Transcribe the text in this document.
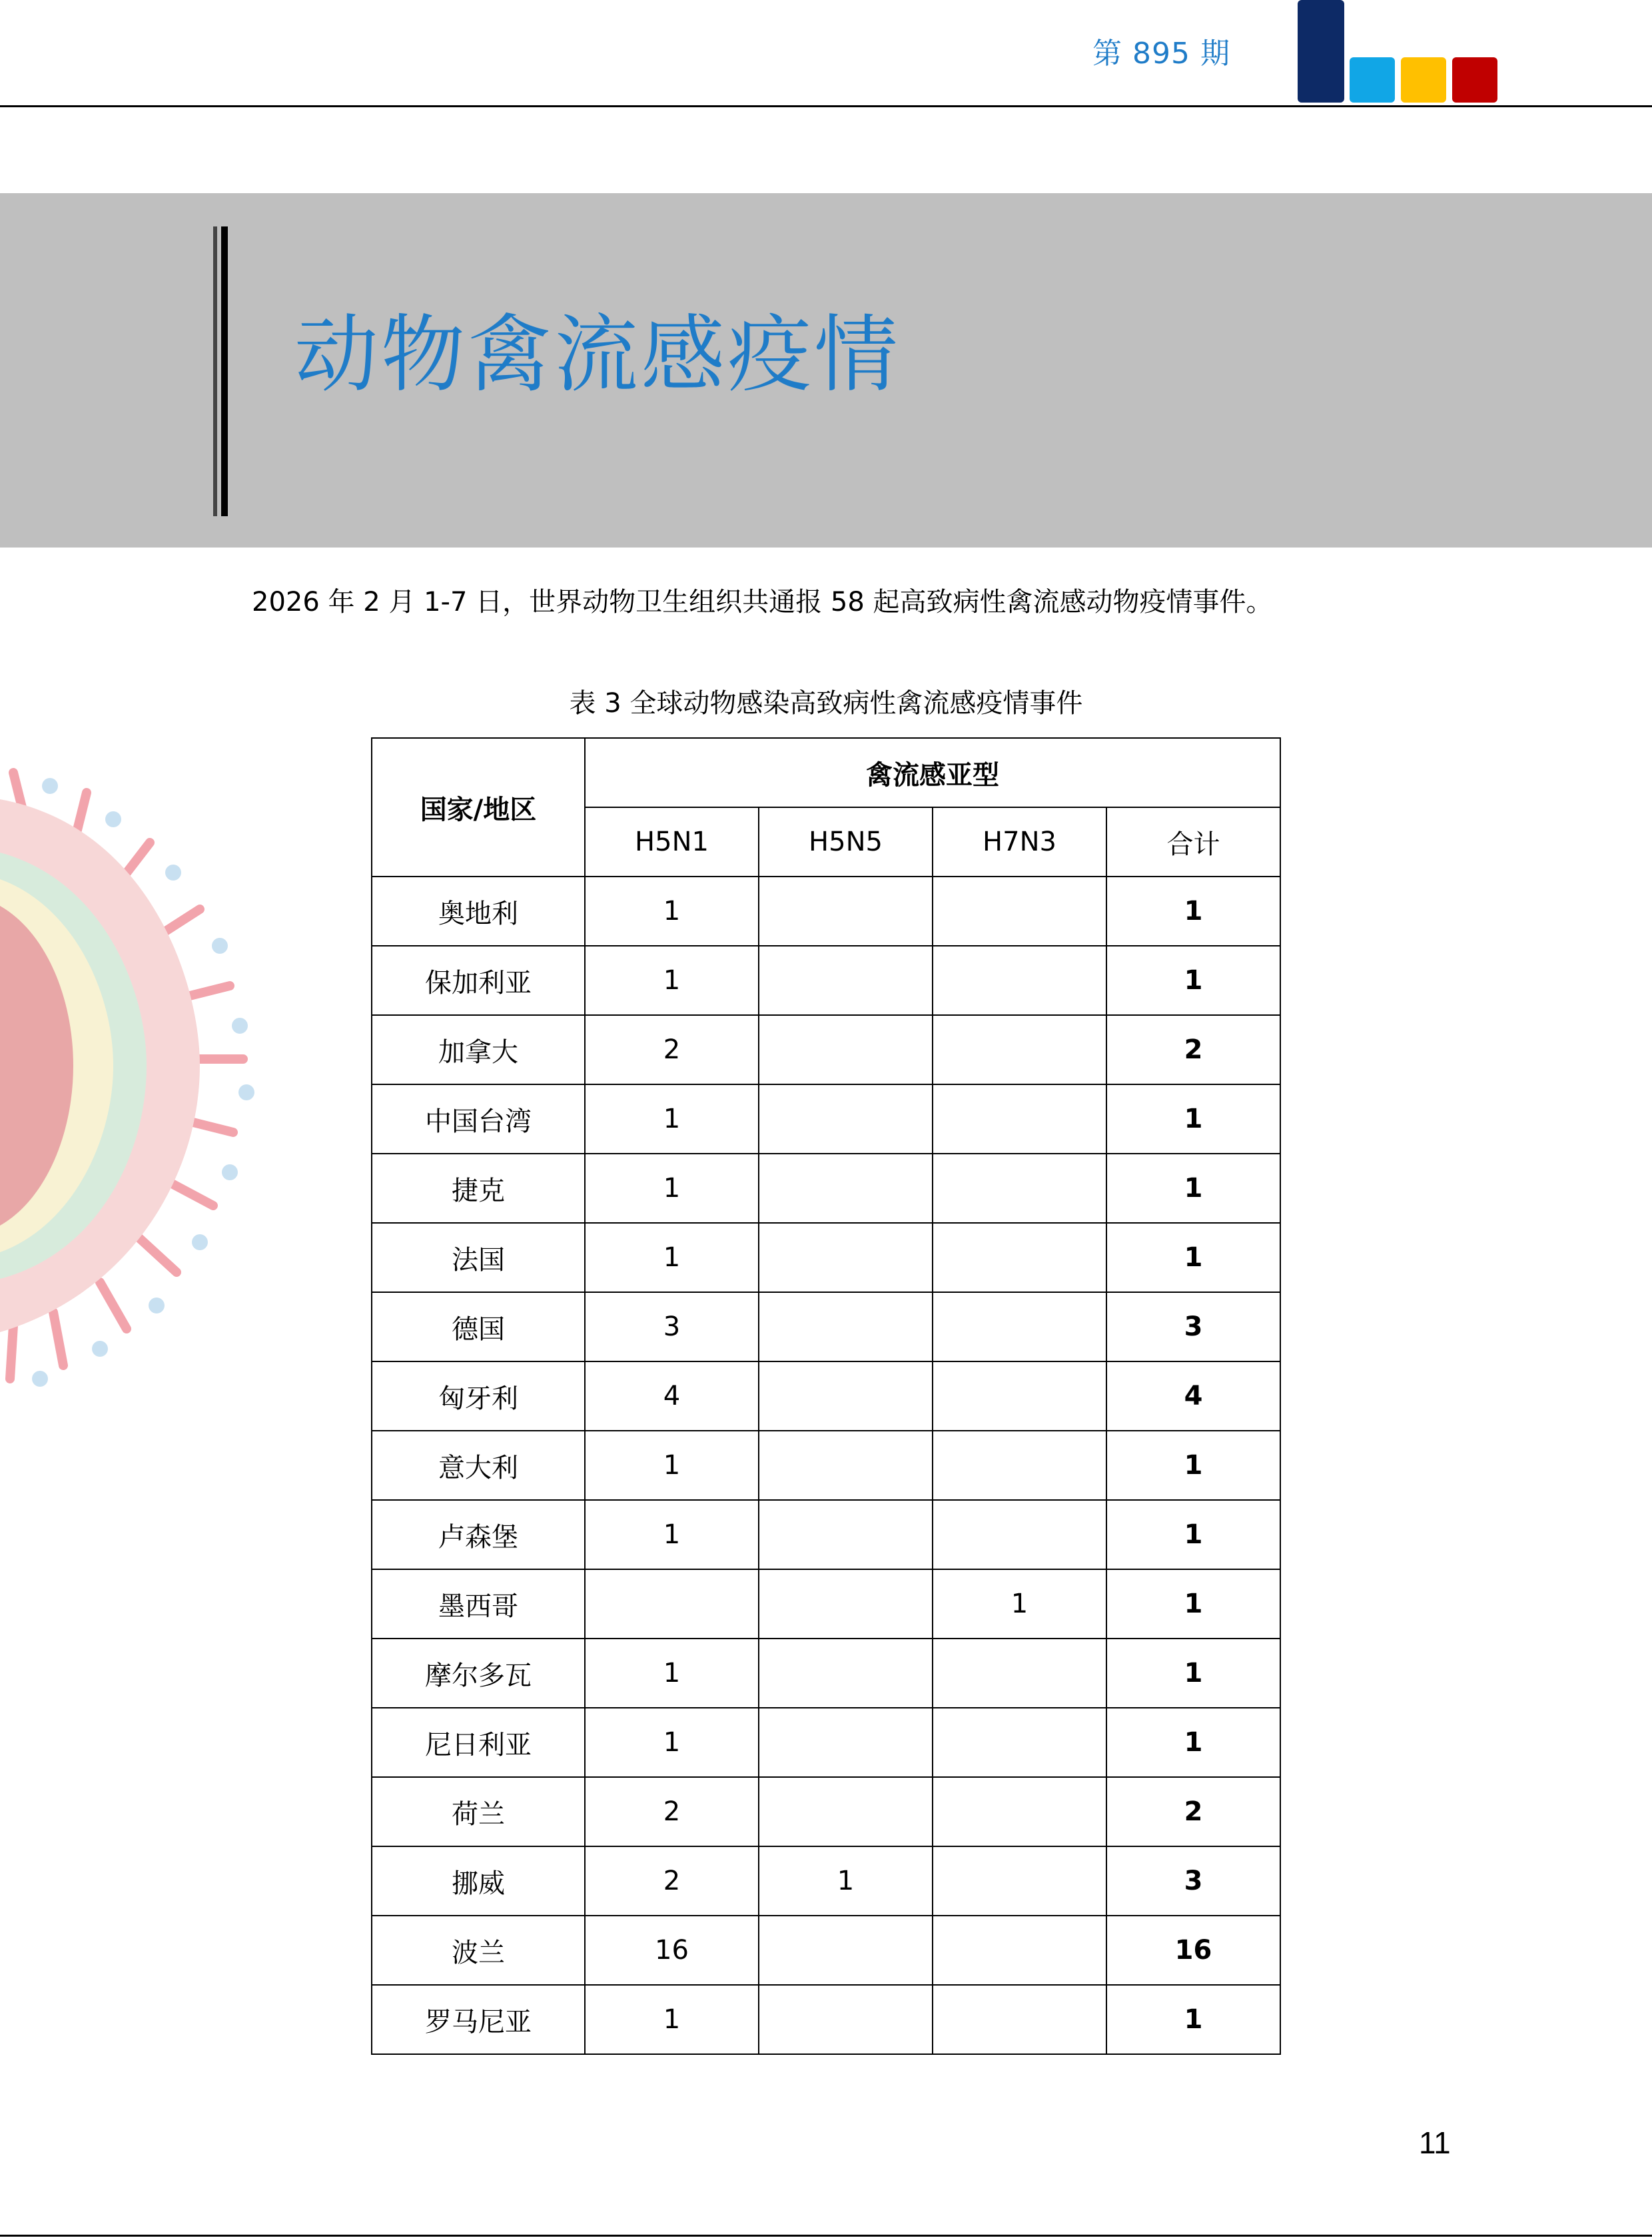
第 895 期
动物禽流感疫情
2026 年 2 月 1-7 日，世界动物卫生组织共通报 58 起高致病性禽流感动物疫情事件。
表 3 全球动物感染高致病性禽流感疫情事件
国家/地区	禽流感亚型			
	H5N1	H5N5	H7N3	合计
奥地利	1			1
保加利亚	1			1
加拿大	2			2
中国台湾	1			1
捷克	1			1
法国	1			1
德国	3			3
匈牙利	4			4
意大利	1			1
卢森堡	1			1
墨西哥			1	1
摩尔多瓦	1			1
尼日利亚	1			1
荷兰	2			2
挪威	2	1		3
波兰	16			16
罗马尼亚	1			1
11
